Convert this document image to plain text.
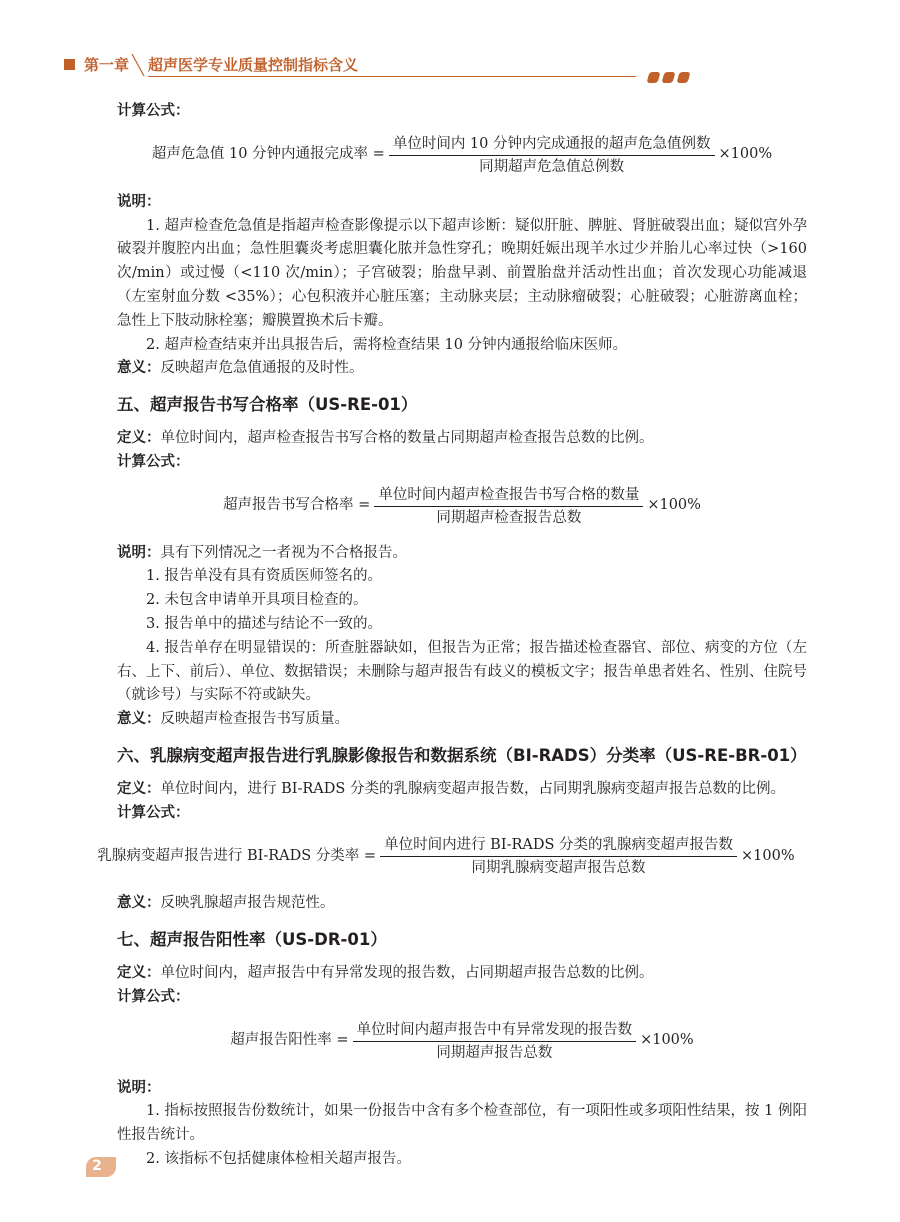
第一章 超声医学专业质量控制指标含义

计算公式：

超声危急值 10 分钟内通报完成率 = $\frac{\text{单位时间内 10 分钟内完成通报的超声危急值例数}}{\text{同期超声危急值总例数}} \times 100\%$

说明：

1. 超声检查危急值是指超声检查影像提示以下超声诊断：疑似肝脏、脾脏、肾脏破裂出血；疑似宫外孕破裂并腹腔内出血；急性胆囊炎考虑胆囊化脓并急性穿孔；晚期妊娠出现羊水过少并胎儿心率过快（>160 次/min）或过慢（<110 次/min）；子宫破裂；胎盘早剥、前置胎盘并活动性出血；首次发现心功能减退（左室射血分数 <35%）；心包积液并心脏压塞；主动脉夹层；主动脉瘤破裂；心脏破裂；心脏游离血栓；急性上下肢动脉栓塞；瓣膜置换术后卡瓣。

2. 超声检查结束并出具报告后，需将检查结果 10 分钟内通报给临床医师。

意义：反映超声危急值通报的及时性。

五、超声报告书写合格率（US-RE-01）

定义：单位时间内，超声检查报告书写合格的数量占同期超声检查报告总数的比例。

计算公式：

超声报告书写合格率 = $\frac{\text{单位时间内超声检查报告书写合格的数量}}{\text{同期超声检查报告总数}} \times 100\%$

说明：具有下列情况之一者视为不合格报告。

1. 报告单没有具有资质医师签名的。

2. 未包含申请单开具项目检查的。

3. 报告单中的描述与结论不一致的。

4. 报告单存在明显错误的：所查脏器缺如，但报告为正常；报告描述检查器官、部位、病变的方位（左右、上下、前后）、单位、数据错误；未删除与超声报告有歧义的模板文字；报告单患者姓名、性别、住院号（就诊号）与实际不符或缺失。

意义：反映超声检查报告书写质量。

六、乳腺病变超声报告进行乳腺影像报告和数据系统（BI-RADS）分类率（US-RE-BR-01）

定义：单位时间内，进行 BI-RADS 分类的乳腺病变超声报告数，占同期乳腺病变超声报告总数的比例。

计算公式：

乳腺病变超声报告进行 BI-RADS 分类率 = $\frac{\text{单位时间内进行 BI-RADS 分类的乳腺病变超声报告数}}{\text{同期乳腺病变超声报告总数}} \times 100\%$

意义：反映乳腺超声报告规范性。

七、超声报告阳性率（US-DR-01）

定义：单位时间内，超声报告中有异常发现的报告数，占同期超声报告总数的比例。

计算公式：

超声报告阳性率 = $\frac{\text{单位时间内超声报告中有异常发现的报告数}}{\text{同期超声报告总数}} \times 100\%$

说明：

1. 指标按照报告份数统计，如果一份报告中含有多个检查部位，有一项阳性或多项阳性结果，按 1 例阳性报告统计。

2. 该指标不包括健康体检相关超声报告。

2
